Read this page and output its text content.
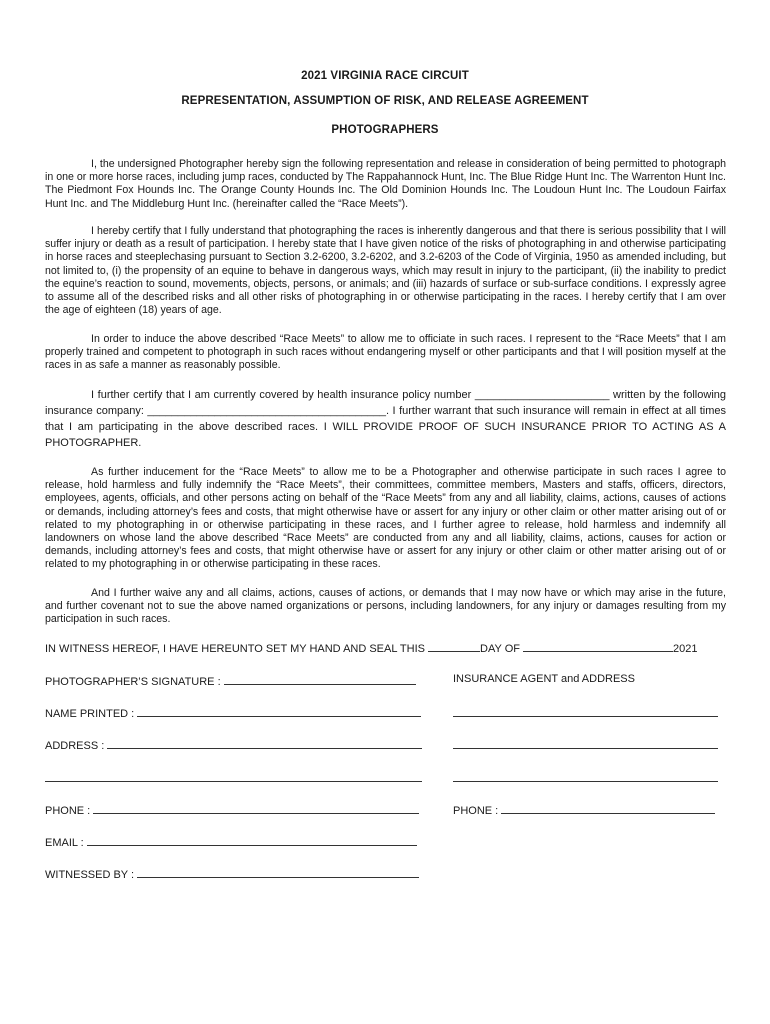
2021 VIRGINIA RACE CIRCUIT
REPRESENTATION, ASSUMPTION OF RISK, AND RELEASE AGREEMENT
PHOTOGRAPHERS

I, the undersigned Photographer hereby sign the following representation and release in consideration of being permitted to photograph in one or more horse races, including jump races, conducted by The Rappahannock Hunt, Inc. The Blue Ridge Hunt Inc. The Warrenton Hunt Inc. The Piedmont Fox Hounds Inc. The Orange County Hounds Inc. The Old Dominion Hounds Inc. The Loudoun Hunt Inc. The Loudoun Fairfax Hunt Inc. and The Middleburg Hunt Inc. (hereinafter called the “Race Meets”).

I hereby certify that I fully understand that photographing the races is inherently dangerous and that there is serious possibility that I will suffer injury or death as a result of participation. I hereby state that I have given notice of the risks of photographing in and otherwise participating in horse races and steeplechasing pursuant to Section 3.2-6200, 3.2-6202, and 3.2-6203 of the Code of Virginia, 1950 as amended including, but not limited to, (i) the propensity of an equine to behave in dangerous ways, which may result in injury to the participant, (ii) the inability to predict the equine’s reaction to sound, movements, objects, persons, or animals; and (iii) hazards of surface or sub-surface conditions. I expressly agree to assume all of the described risks and all other risks of photographing in or otherwise participating in the races. I hereby certify that I am over the age of eighteen (18) years of age.

In order to induce the above described “Race Meets” to allow me to officiate in such races. I represent to the “Race Meets” that I am properly trained and competent to photograph in such races without endangering myself or other participants and that I will position myself at the races in as safe a manner as reasonably possible.

I further certify that I am currently covered by health insurance policy number ______________________ written by the following insurance company: _______________________________________. I further warrant that such insurance will remain in effect at all times that I am participating in the above described races. I WILL PROVIDE PROOF OF SUCH INSURANCE PRIOR TO ACTING AS A PHOTOGRAPHER.

As further inducement for the “Race Meets” to allow me to be a Photographer and otherwise participate in such races I agree to release, hold harmless and fully indemnify the “Race Meets”, their committees, committee members, Masters and staffs, officers, directors, employees, agents, officials, and other persons acting on behalf of the “Race Meets” from any and all liability, claims, actions, causes of actions or demands, including attorney’s fees and costs, that might otherwise have or assert for any injury or other claim or other matter arising out of or related to my photographing in or otherwise participating in these races, and I further agree to release, hold harmless and indemnify all landowners on whose land the above described “Race Meets” are conducted from any and all liability, claims, actions, causes for action or demands, including attorney’s fees and costs, that might otherwise have or assert for any injury or other claim or other matter arising out of or related to my photographing in or otherwise participating in these races.

And I further waive any and all claims, actions, causes of actions, or demands that I may now have or which may arise in the future, and further covenant not to sue the above named organizations or persons, including landowners, for any injury or damages resulting from my participation in such races.

IN WITNESS HEREOF, I HAVE HEREUNTO SET MY HAND AND SEAL THIS	DAY OF	2021
PHOTOGRAPHER’S SIGNATURE :	INSURANCE AGENT and ADDRESS
NAME PRINTED :
ADDRESS :
PHONE :	PHONE :
EMAIL :
WITNESSED BY :
